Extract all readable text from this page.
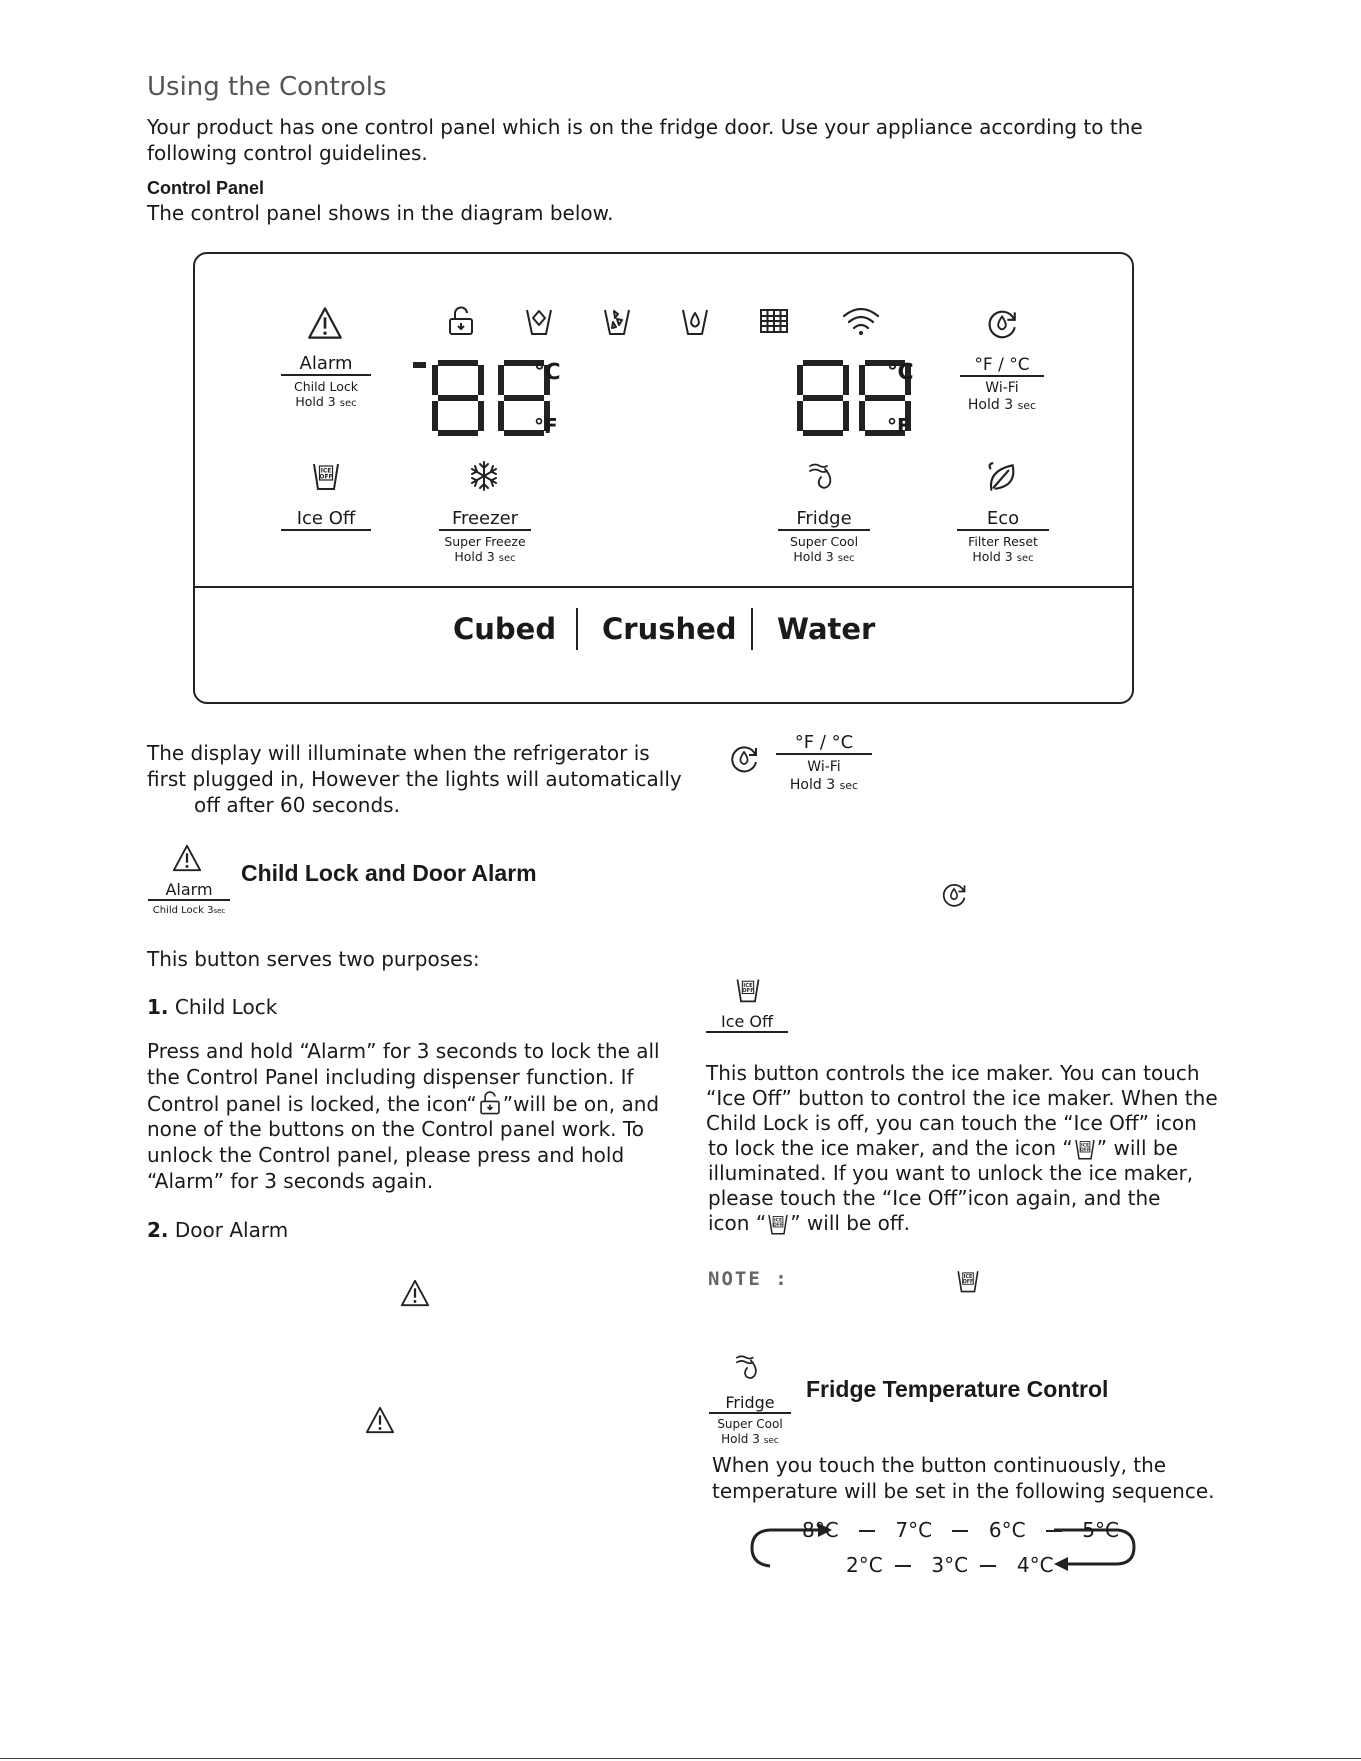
Using the Controls
Your product has one control panel which is on the fridge door. Use your appliance according to the
following control guidelines.
Control Panel
The control panel shows in the diagram below.
Alarm
Child Lock
Hold 3 sec
°F / °C
Wi-Fi
Hold 3 sec
℃
°F
℃
°F
Ice Off	Freezer
Super Freeze
Hold 3 sec
Fridge
Super Cool
Hold 3 sec
Eco
Filter Reset
Hold 3 sec
Cubed Crushed Water
The display will illuminate when the refrigerator is
first plugged in, However the lights will automatically
off after 60 seconds.
Alarm
Child Lock 3sec
Child Lock and Door Alarm
This button serves two purposes:
1. Child Lock
Press and hold “Alarm” for 3 seconds to lock the all
the Control Panel including dispenser function. If
Control panel is locked, the icon“ ”will be on, and
none of the buttons on the Control panel work. To
unlock the Control panel, please press and hold
“Alarm” for 3 seconds again.
2. Door Alarm
°F / °C
Wi-Fi
Hold 3 sec
Ice Off
This button controls the ice maker. You can touch
“Ice Off” button to control the ice maker. When the
Child Lock is off, you can touch the “Ice Off” icon
to lock the ice maker, and the icon “ ” will be
illuminated. If you want to unlock the ice maker,
please touch the “Ice Off”icon again, and the
icon “ ” will be off.
NOTE :
Fridge
Super Cool
Hold 3 sec
Fridge Temperature Control
When you touch the button continuously, the
temperature will be set in the following sequence.
8°C	7°C	6°C	5°C
2°C 3°C 4°C
